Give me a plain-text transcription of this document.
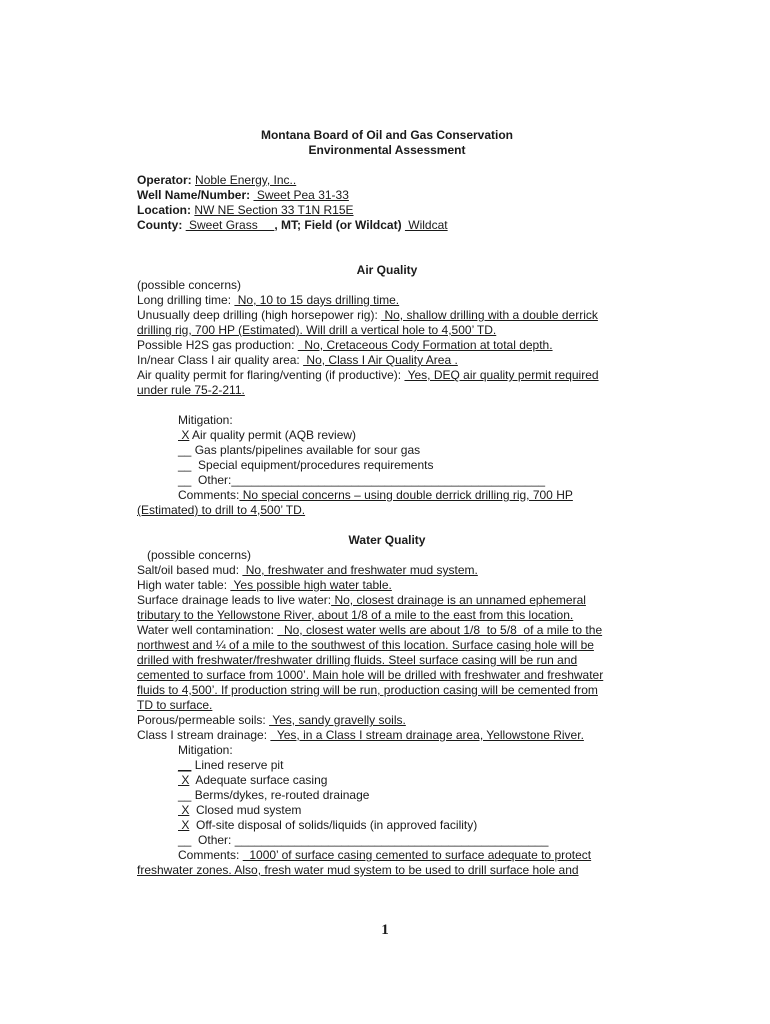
Montana Board of Oil and Gas Conservation
Environmental Assessment
Operator: Noble Energy, Inc..
Well Name/Number:  Sweet Pea 31-33
Location: NW NE Section 33 T1N R15E
County:  Sweet Grass     , MT; Field (or Wildcat)  Wildcat
Air Quality
(possible concerns)
Long drilling time:  No, 10 to 15 days drilling time.
Unusually deep drilling (high horsepower rig):  No, shallow drilling with a double derrick
drilling rig, 700 HP (Estimated). Will drill a vertical hole to 4,500’ TD.
Possible H2S gas production:   No, Cretaceous Cody Formation at total depth.
In/near Class I air quality area:  No, Class I Air Quality Area .
Air quality permit for flaring/venting (if productive):  Yes, DEQ air quality permit required
under rule 75-2-211.
Mitigation:
X Air quality permit (AQB review)
__ Gas plants/pipelines available for sour gas
__  Special equipment/procedures requirements
__  Other:_______________________________________________
Comments: No special concerns – using double derrick drilling rig, 700 HP
(Estimated) to drill to 4,500’ TD.
Water Quality
(possible concerns)
Salt/oil based mud:  No, freshwater and freshwater mud system.
High water table:  Yes possible high water table.
Surface drainage leads to live water: No, closest drainage is an unnamed ephemeral
tributary to the Yellowstone River, about 1/8 of a mile to the east from this location.
Water well contamination:   No, closest water wells are about 1/8  to 5/8  of a mile to the
northwest and ¼ of a mile to the southwest of this location. Surface casing hole will be
drilled with freshwater/freshwater drilling fluids. Steel surface casing will be run and
cemented to surface from 1000’. Main hole will be drilled with freshwater and freshwater
fluids to 4,500’. If production string will be run, production casing will be cemented from
TD to surface.
Porous/permeable soils:  Yes, sandy gravelly soils.
Class I stream drainage:   Yes, in a Class I stream drainage area, Yellowstone River.
Mitigation:
__ Lined reserve pit
X  Adequate surface casing
__ Berms/dykes, re-routed drainage
X  Closed mud system
X  Off-site disposal of solids/liquids (in approved facility)
__  Other: _______________________________________________
Comments:   1000’ of surface casing cemented to surface adequate to protect
freshwater zones. Also, fresh water mud system to be used to drill surface hole and
1
